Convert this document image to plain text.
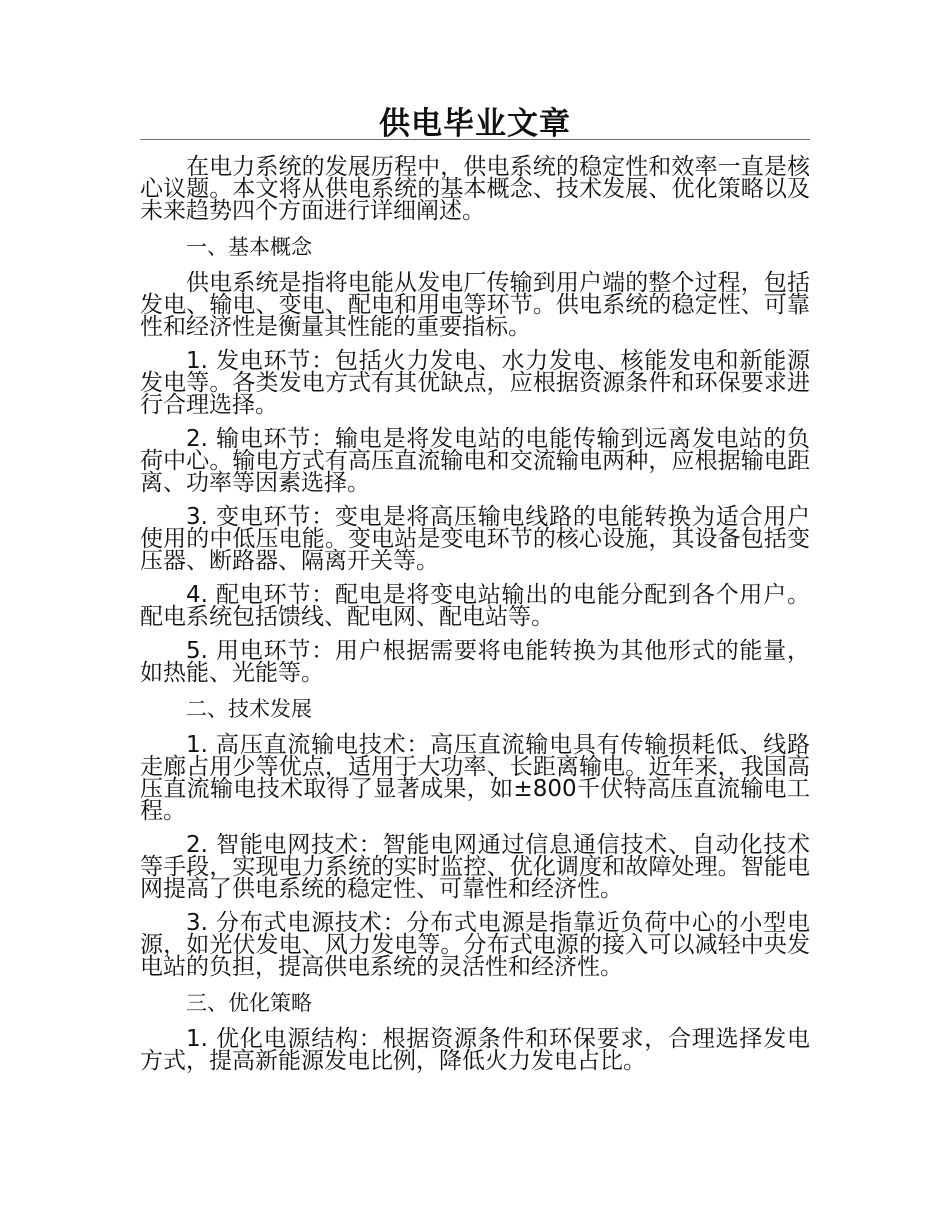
供电毕业文章

在电力系统的发展历程中，供电系统的稳定性和效率一直是核心议题。本文将从供电系统的基本概念、技术发展、优化策略以及未来趋势四个方面进行详细阐述。

一、基本概念

供电系统是指将电能从发电厂传输到用户端的整个过程，包括发电、输电、变电、配电和用电等环节。供电系统的稳定性、可靠性和经济性是衡量其性能的重要指标。

1. 发电环节：包括火力发电、水力发电、核能发电和新能源发电等。各类发电方式有其优缺点，应根据资源条件和环保要求进行合理选择。

2. 输电环节：输电是将发电站的电能传输到远离发电站的负荷中心。输电方式有高压直流输电和交流输电两种，应根据输电距离、功率等因素选择。

3. 变电环节：变电是将高压输电线路的电能转换为适合用户使用的中低压电能。变电站是变电环节的核心设施，其设备包括变压器、断路器、隔离开关等。

4. 配电环节：配电是将变电站输出的电能分配到各个用户。配电系统包括馈线、配电网、配电站等。

5. 用电环节：用户根据需要将电能转换为其他形式的能量，如热能、光能等。

二、技术发展

1. 高压直流输电技术：高压直流输电具有传输损耗低、线路走廊占用少等优点，适用于大功率、长距离输电。近年来，我国高压直流输电技术取得了显著成果，如±800千伏特高压直流输电工程。

2. 智能电网技术：智能电网通过信息通信技术、自动化技术等手段，实现电力系统的实时监控、优化调度和故障处理。智能电网提高了供电系统的稳定性、可靠性和经济性。

3. 分布式电源技术：分布式电源是指靠近负荷中心的小型电源，如光伏发电、风力发电等。分布式电源的接入可以减轻中央发电站的负担，提高供电系统的灵活性和经济性。

三、优化策略

1. 优化电源结构：根据资源条件和环保要求，合理选择发电方式，提高新能源发电比例，降低火力发电占比。
